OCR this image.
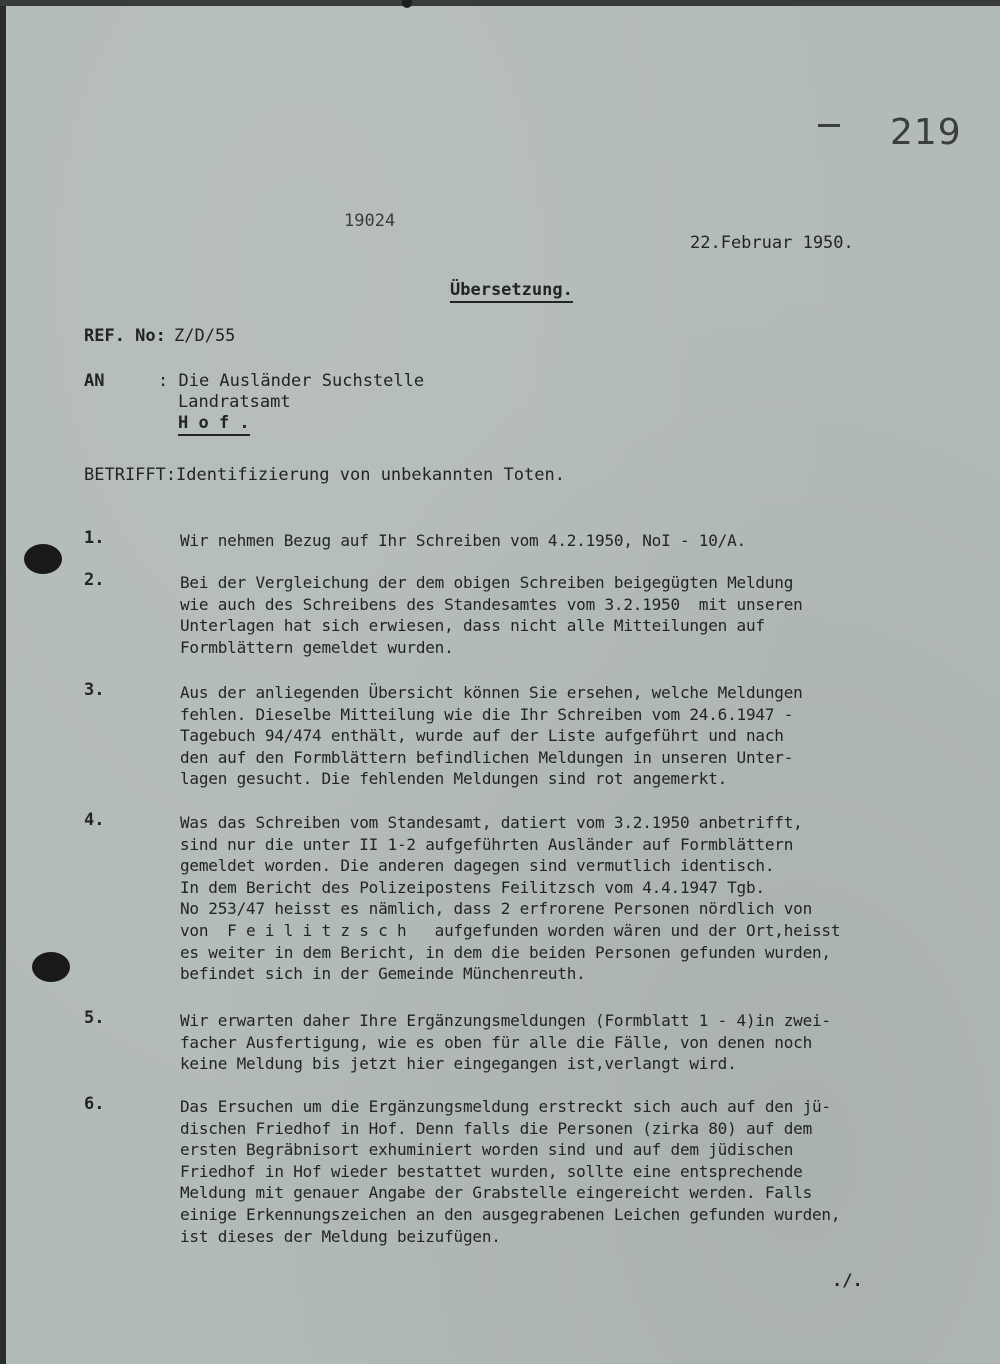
219
19024
22.Februar 1950.
Übersetzung.
REF. No: Z/D/55
AN	: Die Ausländer Suchstelle
Landratsamt
H o f .
BETRIFFT: Identifizierung von unbekannten Toten.
1.	Wir nehmen Bezug auf Ihr Schreiben vom 4.2.1950, NoI - 10/A.
2.	Bei der Vergleichung der dem obigen Schreiben beigegügten Meldung
wie auch des Schreibens des Standesamtes vom 3.2.1950  mit unseren
Unterlagen hat sich erwiesen, dass nicht alle Mitteilungen auf
Formblättern gemeldet wurden.
3.	Aus der anliegenden Übersicht können Sie ersehen, welche Meldungen
fehlen. Dieselbe Mitteilung wie die Ihr Schreiben vom 24.6.1947 -
Tagebuch 94/474 enthält, wurde auf der Liste aufgeführt und nach
den auf den Formblättern befindlichen Meldungen in unseren Unter-
lagen gesucht. Die fehlenden Meldungen sind rot angemerkt.
4.	Was das Schreiben vom Standesamt, datiert vom 3.2.1950 anbetrifft,
sind nur die unter II 1-2 aufgeführten Ausländer auf Formblättern
gemeldet worden. Die anderen dagegen sind vermutlich identisch.
In dem Bericht des Polizeipostens Feilitzsch vom 4.4.1947 Tgb.
No 253/47 heisst es nämlich, dass 2 erfrorene Personen nördlich von
von  F e i l i t z s c h   aufgefunden worden wären und der Ort,heisst
es weiter in dem Bericht, in dem die beiden Personen gefunden wurden,
befindet sich in der Gemeinde Münchenreuth.
5.	Wir erwarten daher Ihre Ergänzungsmeldungen (Formblatt 1 - 4)in zwei-
facher Ausfertigung, wie es oben für alle die Fälle, von denen noch
keine Meldung bis jetzt hier eingegangen ist,verlangt wird.
6.	Das Ersuchen um die Ergänzungsmeldung erstreckt sich auch auf den jü-
dischen Friedhof in Hof. Denn falls die Personen (zirka 80) auf dem
ersten Begräbnisort exhuminiert worden sind und auf dem jüdischen
Friedhof in Hof wieder bestattet wurden, sollte eine entsprechende
Meldung mit genauer Angabe der Grabstelle eingereicht werden. Falls
einige Erkennungszeichen an den ausgegrabenen Leichen gefunden wurden,
ist dieses der Meldung beizufügen.
./.
